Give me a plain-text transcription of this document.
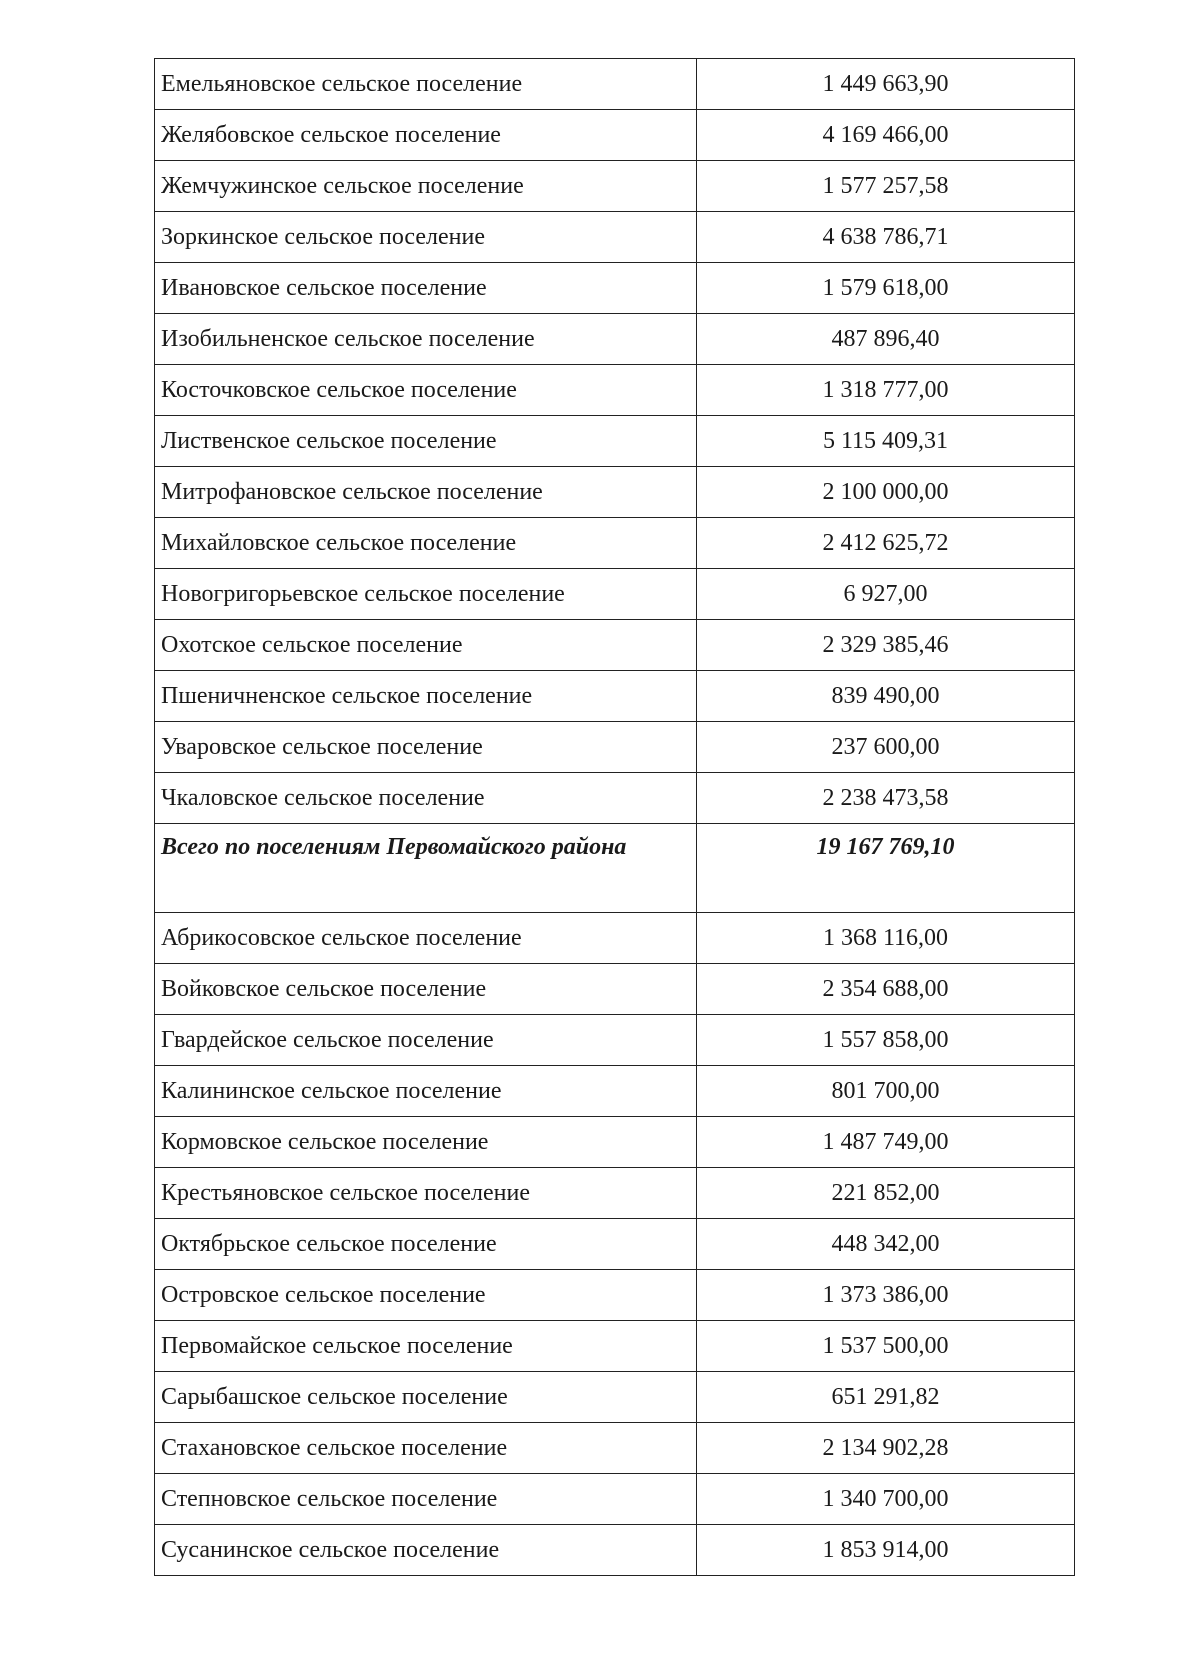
Емельяновское сельское поселение	1 449 663,90
Желябовское сельское поселение	4 169 466,00
Жемчужинское сельское поселение	1 577 257,58
Зоркинское сельское поселение	4 638 786,71
Ивановское сельское поселение	1 579 618,00
Изобильненское сельское поселение	487 896,40
Косточковское сельское поселение	1 318 777,00
Лиственское сельское поселение	5 115 409,31
Митрофановское сельское поселение	2 100 000,00
Михайловское сельское поселение	2 412 625,72
Новогригорьевское сельское поселение	6 927,00
Охотское сельское поселение	2 329 385,46
Пшеничненское сельское поселение	839 490,00
Уваровское сельское поселение	237 600,00
Чкаловское сельское поселение	2 238 473,58
Всего по поселениям Первомайского района	19 167 769,10
Абрикосовское сельское поселение	1 368 116,00
Войковское сельское поселение	2 354 688,00
Гвардейское сельское поселение	1 557 858,00
Калининское сельское поселение	801 700,00
Кормовское сельское поселение	1 487 749,00
Крестьяновское сельское поселение	221 852,00
Октябрьское сельское поселение	448 342,00
Островское сельское поселение	1 373 386,00
Первомайское сельское поселение	1 537 500,00
Сарыбашское сельское поселение	651 291,82
Стахановское сельское поселение	2 134 902,28
Степновское сельское поселение	1 340 700,00
Сусанинское сельское поселение	1 853 914,00
